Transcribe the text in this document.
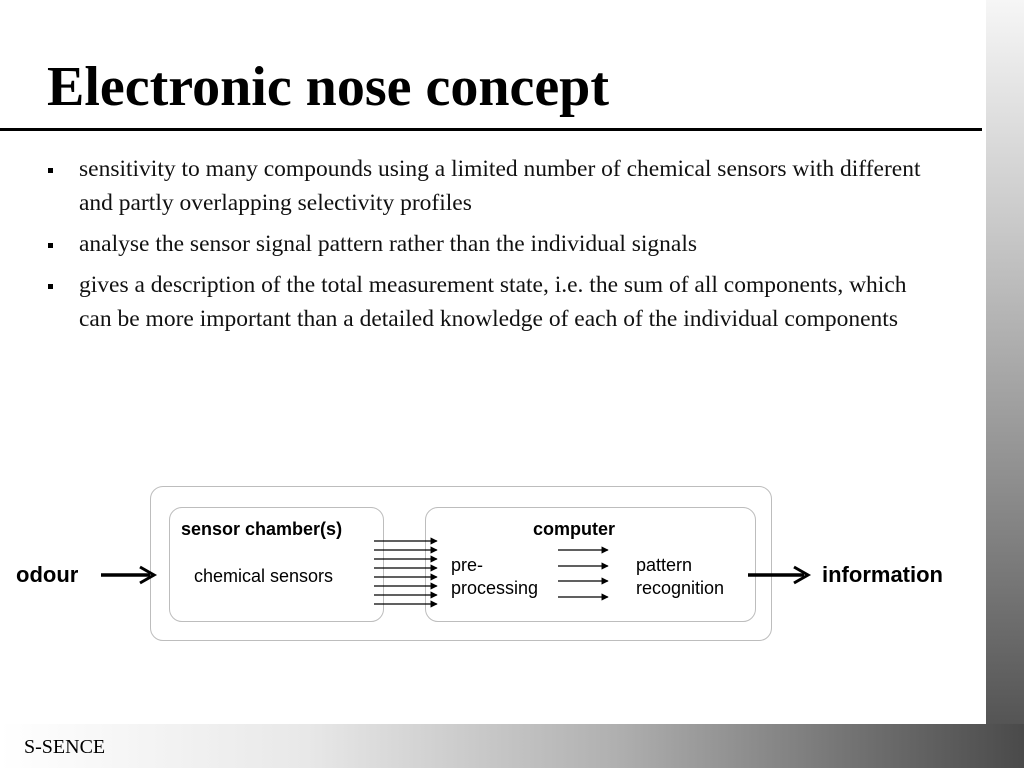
Electronic nose concept
sensitivity to many compounds using a limited number of chemical sensors with different and partly overlapping selectivity profiles
analyse the sensor signal pattern rather than the individual signals
gives a description of the total measurement state, i.e. the sum of all components, which can be more important than a detailed knowledge of each of the individual components
odour	information
sensor chamber(s)
chemical sensors
computer
pre-
processing
pattern
recognition
S-SENCE
